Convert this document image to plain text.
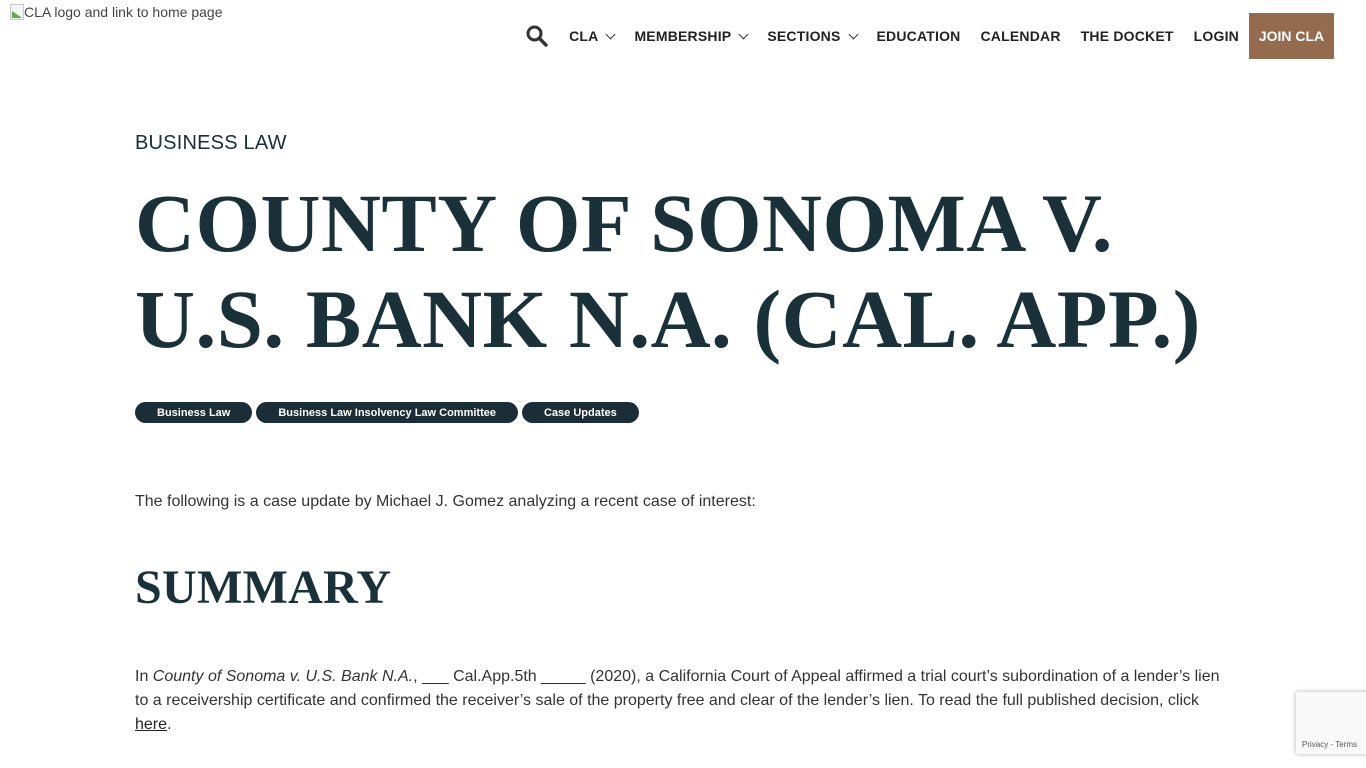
CLA logo and link to home page
CLA	MEMBERSHIP	SECTIONS	EDUCATION CALENDAR THE DOCKET LOGIN	JOIN CLA
BUSINESS LAW
COUNTY OF SONOMA V. U.S. BANK N.A. (CAL. APP.)
Business Law	Business Law Insolvency Law Committee	Case Updates

The following is a case update by Michael J. Gomez analyzing a recent case of interest:

SUMMARY

In County of Sonoma v. U.S. Bank N.A., ___ Cal.App.5th _____ (2020), a California Court of Appeal affirmed a trial court’s subordination of a lender’s lien to a receivership certificate and confirmed the receiver’s sale of the property free and clear of the lender’s lien. To read the full published decision, click here.

Privacy - Terms
